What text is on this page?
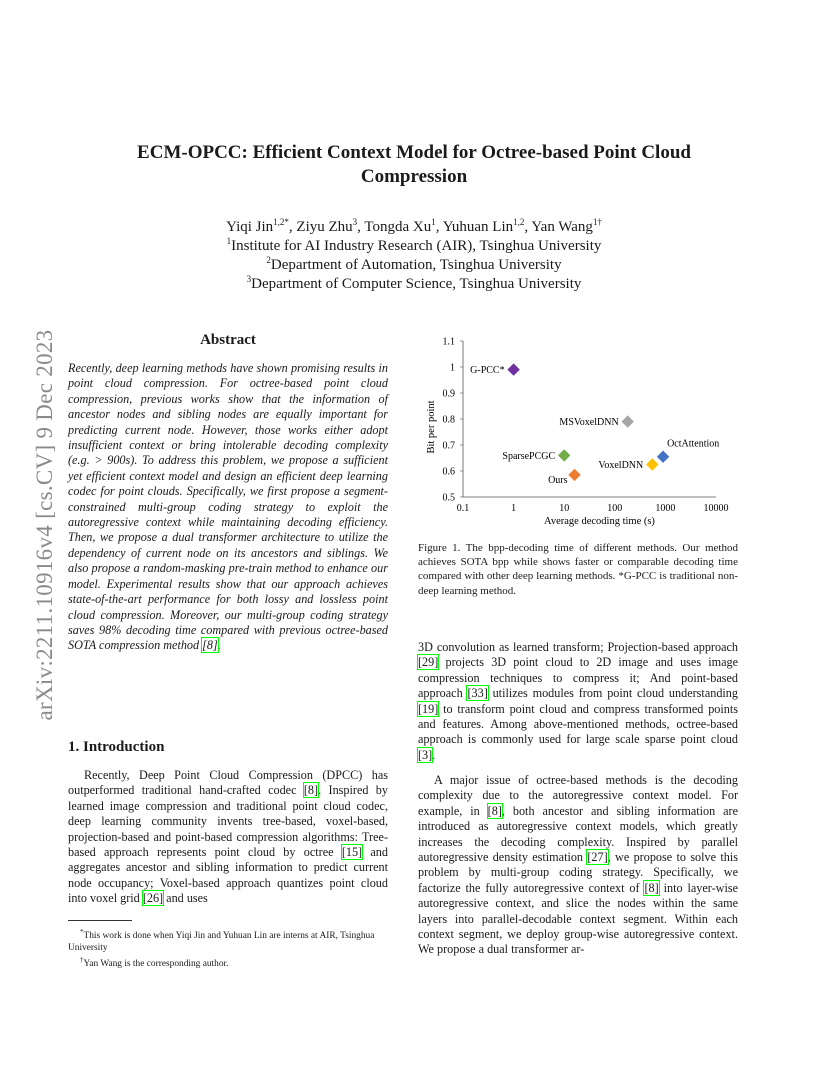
arXiv:2211.10916v4 [cs.CV] 9 Dec 2023
ECM-OPCC: Efficient Context Model for Octree-based Point Cloud
Compression
Yiqi Jin$^{1,2*}$, Ziyu Zhu$^3$, Tongda Xu$^1$, Yuhuan Lin$^{1,2}$, Yan Wang$^{1\dagger}$
$^1$Institute for AI Industry Research (AIR), Tsinghua University
$^2$Department of Automation, Tsinghua University
$^3$Department of Computer Science, Tsinghua University
Abstract
Recently, deep learning methods have shown promising results in point cloud compression. For octree-based point cloud compression, previous works show that the information of ancestor nodes and sibling nodes are equally important for predicting current node. However, those works either adopt insufficient context or bring intolerable decoding complexity (e.g. > 900s). To address this problem, we propose a sufficient yet efficient context model and design an efficient deep learning codec for point clouds. Specifically, we first propose a segment-constrained multi-group coding strategy to exploit the autoregressive context while maintaining decoding efficiency. Then, we propose a dual transformer architecture to utilize the dependency of current node on its ancestors and siblings. We also propose a random-masking pre-train method to enhance our model. Experimental results show that our approach achieves state-of-the-art performance for both lossy and lossless point cloud compression. Moreover, our multi-group coding strategy saves 98% decoding time compared with previous octree-based SOTA compression method [8].
1. Introduction
Recently, Deep Point Cloud Compression (DPCC) has outperformed traditional hand-crafted codec [8]. Inspired by learned image compression and traditional point cloud codec, deep learning community invents tree-based, voxel-based, projection-based and point-based compression algorithms: Tree-based approach represents point cloud by octree [15] and aggregates ancestor and sibling information to predict current node occupancy; Voxel-based approach quantizes point cloud into voxel grid [26] and uses
*This work is done when Yiqi Jin and Yuhuan Lin are interns at AIR, Tsinghua University
†Yan Wang is the corresponding author.
0.5
0.6
0.7
0.8
0.9
1
1.1
0.1	1	10	100	1000	10000
G-PCC*
MSVoxelDNN
SparsePCGC
OctAttention
VoxelDNN
Ours
Average decoding time (s)
Bit per point
Figure 1. The bpp-decoding time of different methods. Our method achieves SOTA bpp while shows faster or comparable decoding time compared with other deep learning methods. *G-PCC is traditional non-deep learning method.
3D convolution as learned transform; Projection-based approach [29] projects 3D point cloud to 2D image and uses image compression techniques to compress it; And point-based approach [33] utilizes modules from point cloud understanding [19] to transform point cloud and compress transformed points and features. Among above-mentioned methods, octree-based approach is commonly used for large scale sparse point cloud [3].
A major issue of octree-based methods is the decoding complexity due to the autoregressive context model. For example, in [8], both ancestor and sibling information are introduced as autoregressive context models, which greatly increases the decoding complexity. Inspired by parallel autoregressive density estimation [27], we propose to solve this problem by multi-group coding strategy. Specifically, we factorize the fully autoregressive context of [8] into layer-wise autoregressive context, and slice the nodes within the same layers into parallel-decodable context segment. Within each context segment, we deploy group-wise autoregressive context. We propose a dual transformer ar-
